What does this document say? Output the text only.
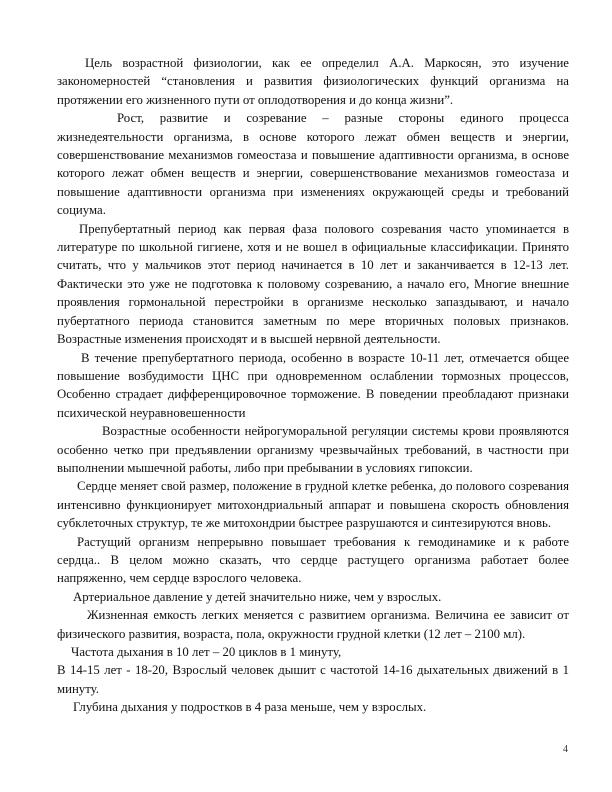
Цель возрастной физиологии, как ее определил А.А. Маркосян, это изучение закономерностей “становления и развития физиологических функций организма на протяжении его жизненного пути от оплодотворения и до конца жизни”.

Рост, развитие и созревание – разные стороны единого процесса жизнедеятельности организма, в основе которого лежат обмен веществ и энергии, совершенствование механизмов гомеостаза и повышение адаптивности организма, в основе которого лежат обмен веществ и энергии, совершенствование механизмов гомеостаза и повышение адаптивности организма при изменениях окружающей среды и требований социума.

Препубертатный период как первая фаза полового созревания часто упоминается в литературе по школьной гигиене, хотя и не вошел в официальные классификации. Принято считать, что у мальчиков этот период начинается в 10 лет и заканчивается в 12-13 лет. Фактически это уже не подготовка к половому созреванию, а начало его, Многие внешние проявления гормональной перестройки в организме несколько запаздывают, и начало пубертатного периода становится заметным по мере вторичных половых признаков. Возрастные изменения происходят и в высшей нервной деятельности.

В течение препубертатного периода, особенно в возрасте 10-11 лет, отмечается общее повышение возбудимости ЦНС при одновременном ослаблении тормозных процессов, Особенно страдает дифференцировочное торможение. В поведении преобладают признаки психической неуравновешенности

Возрастные особенности нейрогуморальной регуляции системы крови проявляются особенно четко при предъявлении организму чрезвычайных требований, в частности при выполнении мышечной работы, либо при пребывании в условиях гипоксии.

Сердце меняет свой размер, положение в грудной клетке ребенка, до полового созревания интенсивно функционирует митохондриальный аппарат и повышена скорость обновления субклеточных структур, те же митохондрии быстрее разрушаются и синтезируются вновь.

Растущий организм непрерывно повышает требования к гемодинамике и к работе сердца.. В целом можно сказать, что сердце растущего организма работает более напряженно, чем сердце взрослого человека.

Артериальное давление у детей значительно ниже, чем у взрослых.

Жизненная емкость легких меняется с развитием организма. Величина ее зависит от физического развития, возраста, пола, окружности грудной клетки (12 лет – 2100 мл).

Частота дыхания в 10 лет – 20 циклов в 1 минуту,

В 14-15 лет - 18-20, Взрослый человек дышит с частотой 14-16 дыхательных движений в 1 минуту.

Глубина дыхания у подростков в 4 раза меньше, чем у взрослых.

4
